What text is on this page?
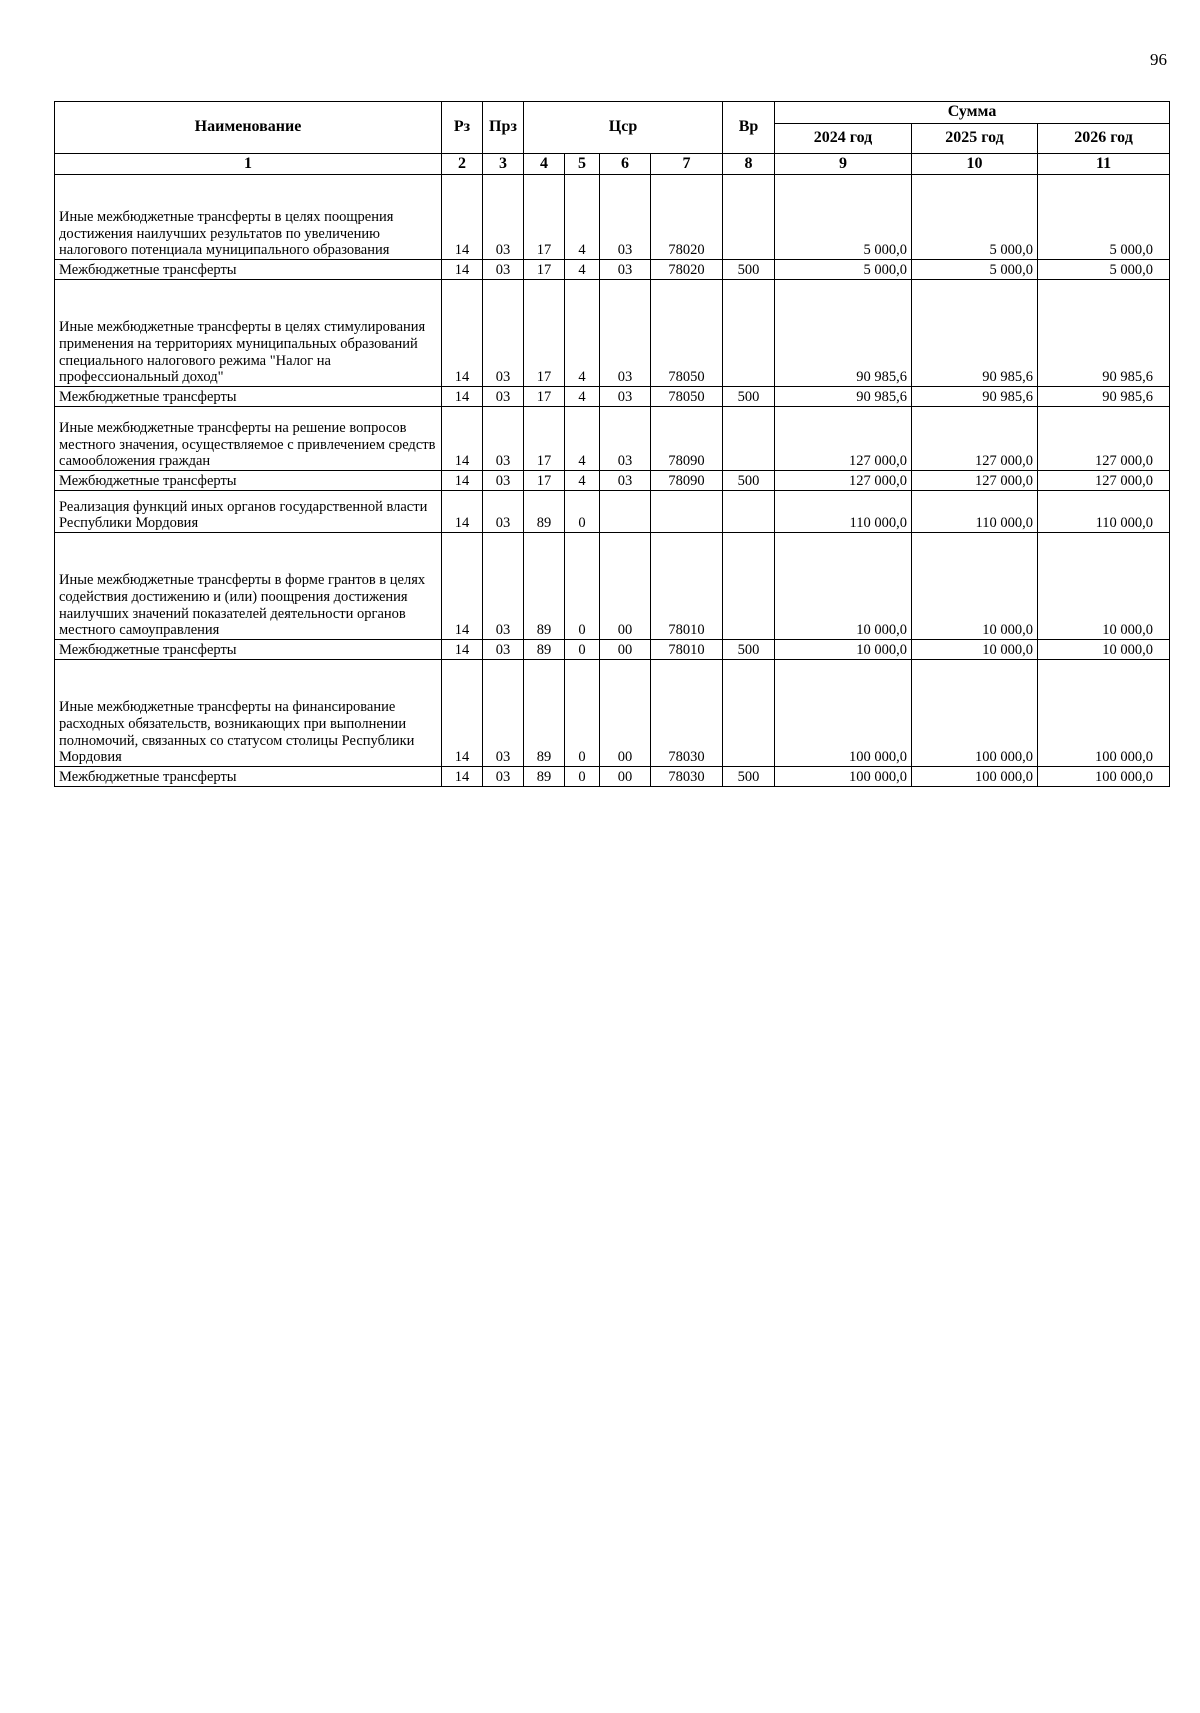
96
Наименование	Рз	Прз	Цср				Вр	Сумма		
								2024 год	2025 год	2026 год
1	2	3	4	5	6	7	8	9	10	11
Иные межбюджетные трансферты в целях поощрения достижения наилучших результатов по увеличению налогового потенциала муниципального образования	14	03	17	4	03	78020		5 000,0	5 000,0	5 000,0
Межбюджетные трансферты	14	03	17	4	03	78020	500	5 000,0	5 000,0	5 000,0
Иные межбюджетные трансферты в целях стимулирования применения на территориях муниципальных образований специального налогового режима "Налог на профессиональный доход"	14	03	17	4	03	78050		90 985,6	90 985,6	90 985,6
Межбюджетные трансферты	14	03	17	4	03	78050	500	90 985,6	90 985,6	90 985,6
Иные межбюджетные трансферты на решение вопросов местного значения, осуществляемое с привлечением средств самообложения граждан	14	03	17	4	03	78090		127 000,0	127 000,0	127 000,0
Межбюджетные трансферты	14	03	17	4	03	78090	500	127 000,0	127 000,0	127 000,0
Реализация функций иных органов государственной власти Республики Мордовия	14	03	89	0				110 000,0	110 000,0	110 000,0
Иные межбюджетные трансферты в форме грантов в целях содействия достижению и (или) поощрения достижения наилучших значений показателей деятельности органов местного самоуправления	14	03	89	0	00	78010		10 000,0	10 000,0	10 000,0
Межбюджетные трансферты	14	03	89	0	00	78010	500	10 000,0	10 000,0	10 000,0
Иные межбюджетные трансферты на финансирование расходных обязательств, возникающих при выполнении полномочий, связанных со статусом столицы Республики Мордовия	14	03	89	0	00	78030		100 000,0	100 000,0	100 000,0
Межбюджетные трансферты	14	03	89	0	00	78030	500	100 000,0	100 000,0	100 000,0
